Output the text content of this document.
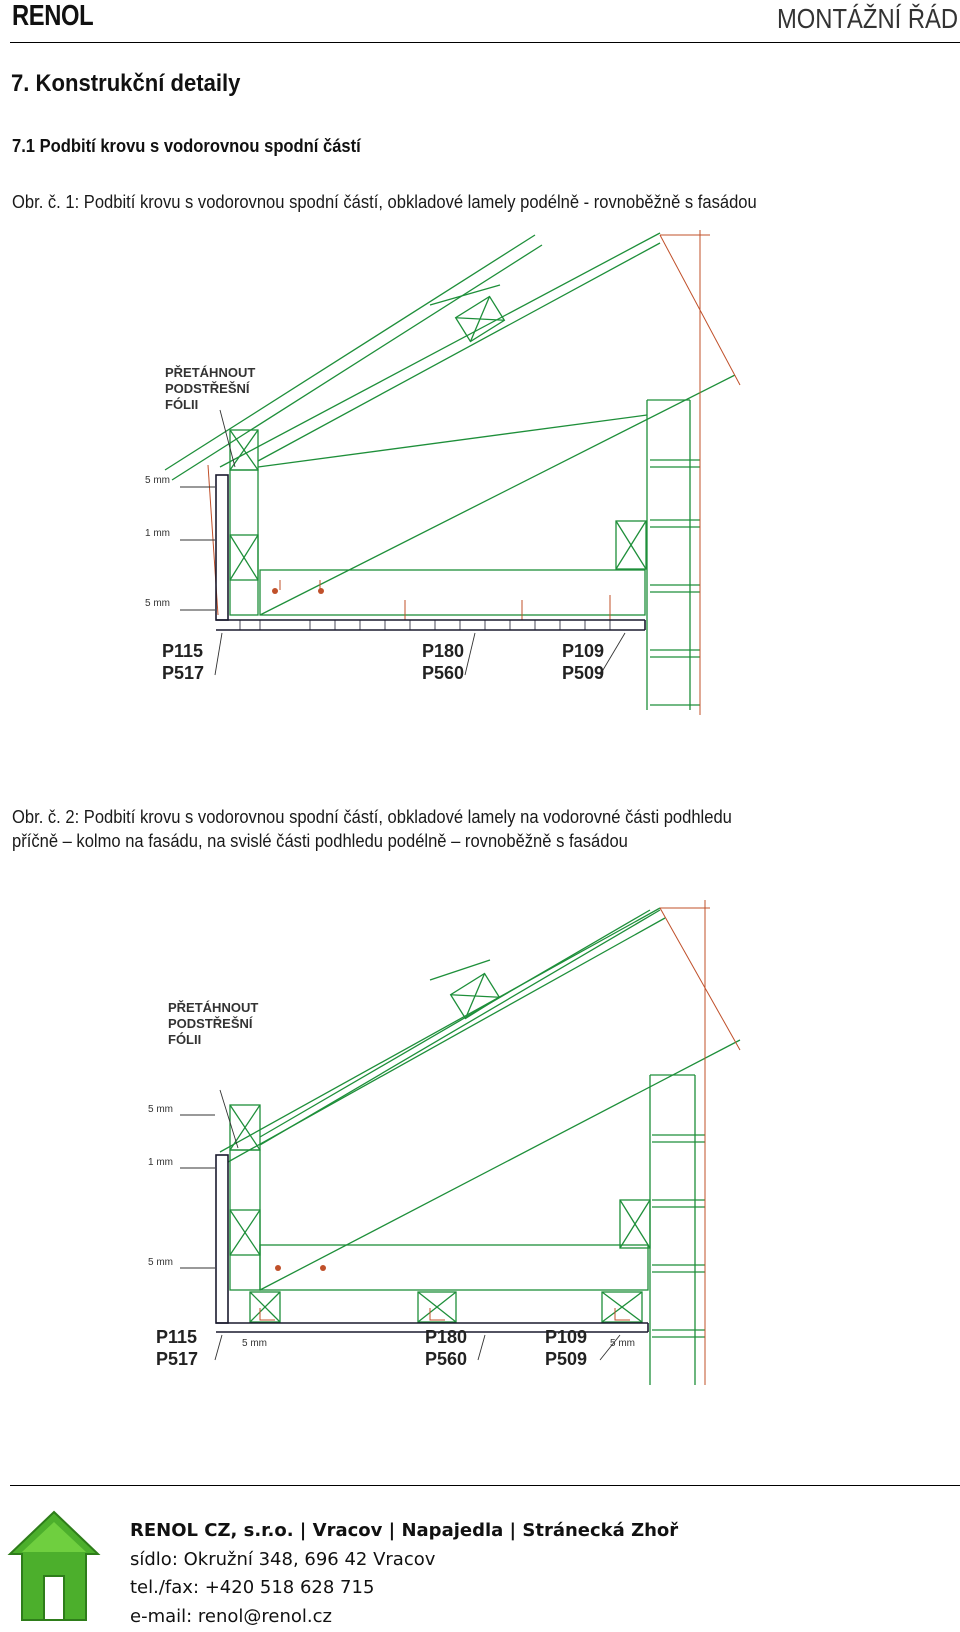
RENOL	MONTÁŽNÍ ŘÁD
7. Konstrukční detaily
7.1 Podbití krovu s vodorovnou spodní částí
Obr. č. 1: Podbití krovu s vodorovnou spodní částí, obkladové lamely podélně - rovnoběžně s fasádou
PŘETÁHNOUT
PODSTŘEŠNÍ
FÓLII
5 mm
1 mm
5 mm
P115
P517
P180
P560
P109
P509
Obr. č. 2: Podbití krovu s vodorovnou spodní částí, obkladové lamely na vodorovné části podhledu
příčně – kolmo na fasádu, na svislé části podhledu podélně – rovnoběžně s fasádou
PŘETÁHNOUT
PODSTŘEŠNÍ
FÓLII
5 mm
1 mm
5 mm
5 mm	5 mm
P115
P517
P180
P560
P109
P509
RENOL CZ, s.r.o. | Vracov | Napajedla | Stránecká Zhoř
sídlo: Okružní 348, 696 42 Vracov
tel./fax: +420 518 628 715
e-mail: renol@renol.cz
